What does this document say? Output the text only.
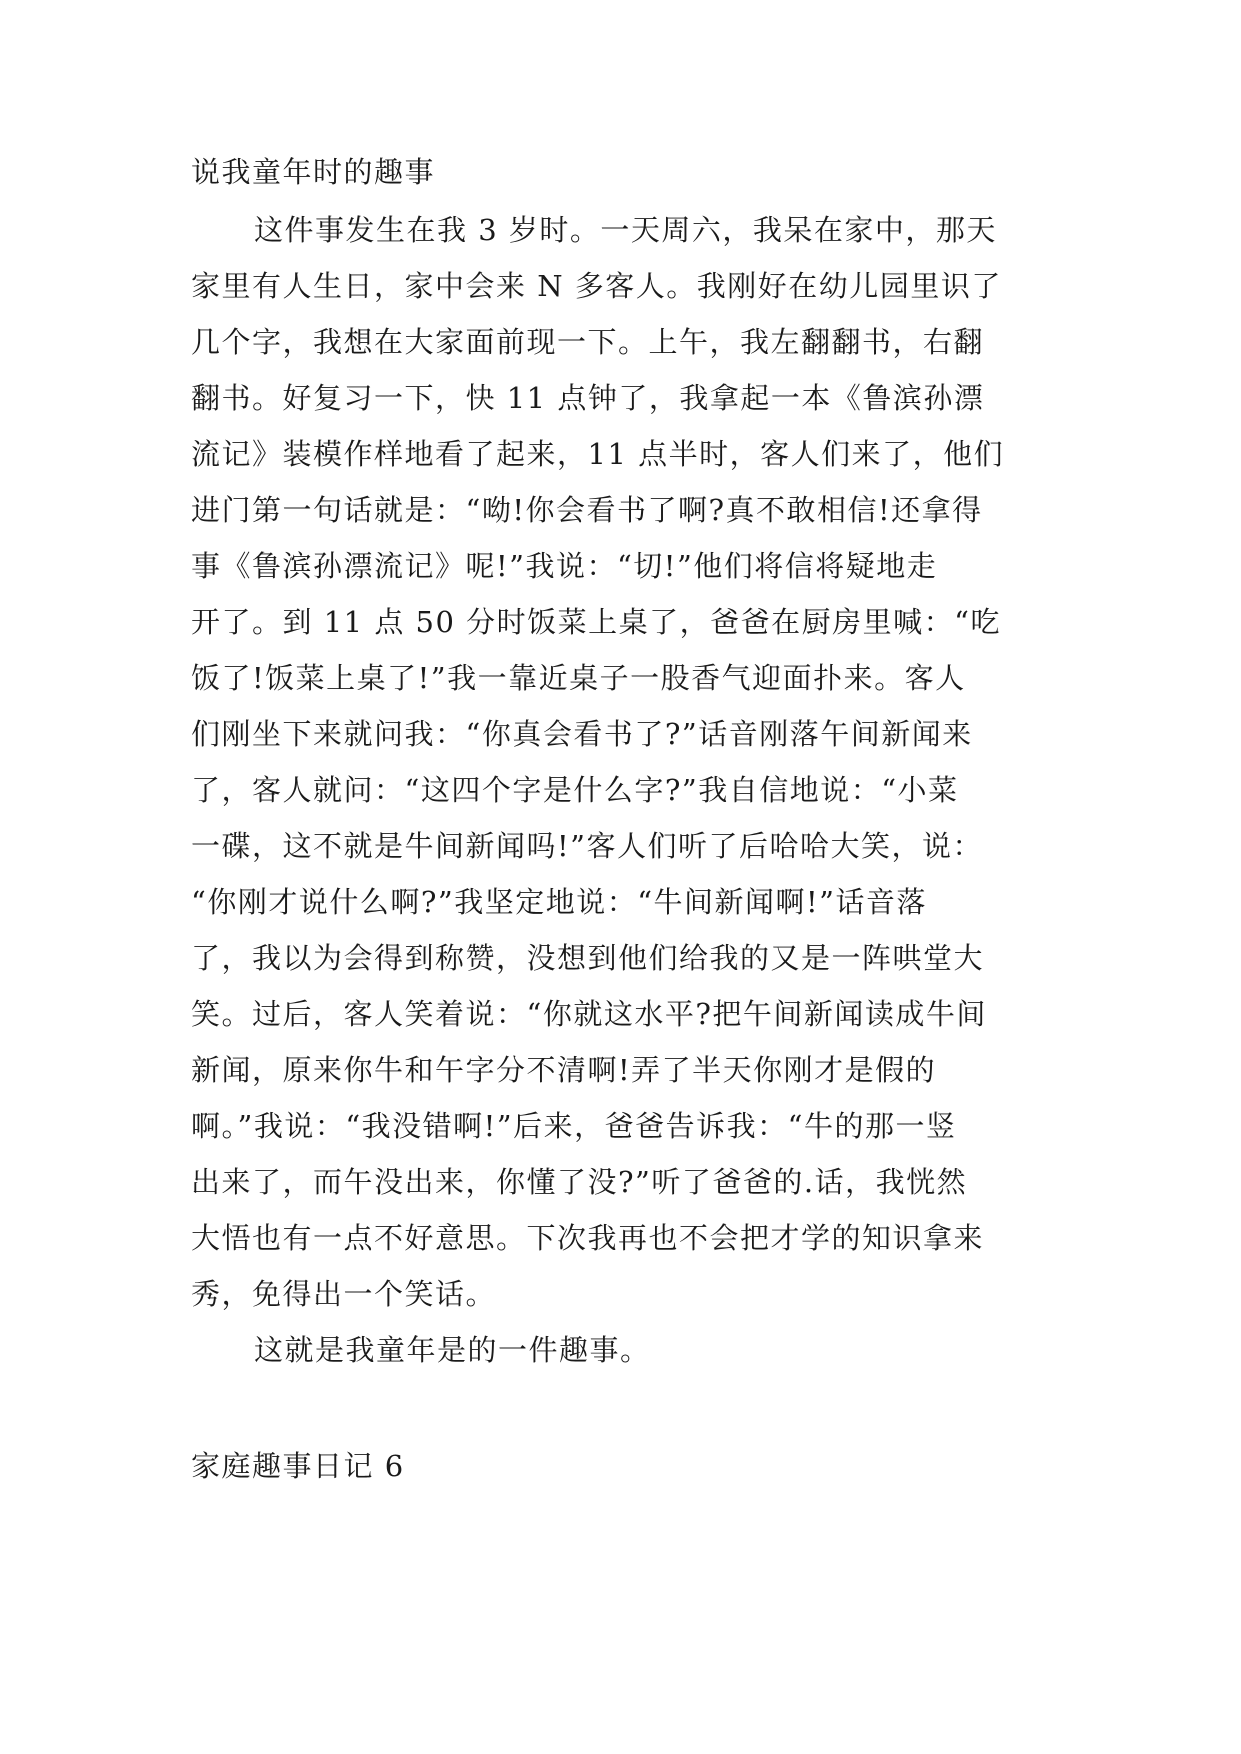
说我童年时的趣事
这件事发生在我 3 岁时。一天周六，我呆在家中，那天
家里有人生日，家中会来 N 多客人。我刚好在幼儿园里识了
几个字，我想在大家面前现一下。上午，我左翻翻书，右翻
翻书。好复习一下，快 11 点钟了，我拿起一本《鲁滨孙漂
流记》装模作样地看了起来，11 点半时，客人们来了，他们
进门第一句话就是：“呦!你会看书了啊?真不敢相信!还拿得
事《鲁滨孙漂流记》呢!”我说：“切!”他们将信将疑地走
开了。到 11 点 50 分时饭菜上桌了，爸爸在厨房里喊：“吃
饭了!饭菜上桌了!”我一靠近桌子一股香气迎面扑来。客人
们刚坐下来就问我：“你真会看书了?”话音刚落午间新闻来
了，客人就问：“这四个字是什么字?”我自信地说：“小菜
一碟，这不就是牛间新闻吗!”客人们听了后哈哈大笑，说：
“你刚才说什么啊?”我坚定地说：“牛间新闻啊!”话音落
了，我以为会得到称赞，没想到他们给我的又是一阵哄堂大
笑。过后，客人笑着说：“你就这水平?把午间新闻读成牛间
新闻，原来你牛和午字分不清啊!弄了半天你刚才是假的
啊。”我说：“我没错啊!”后来，爸爸告诉我：“牛的那一竖
出来了，而午没出来，你懂了没?”听了爸爸的.话，我恍然
大悟也有一点不好意思。下次我再也不会把才学的知识拿来
秀，免得出一个笑话。
这就是我童年是的一件趣事。
家庭趣事日记 6
